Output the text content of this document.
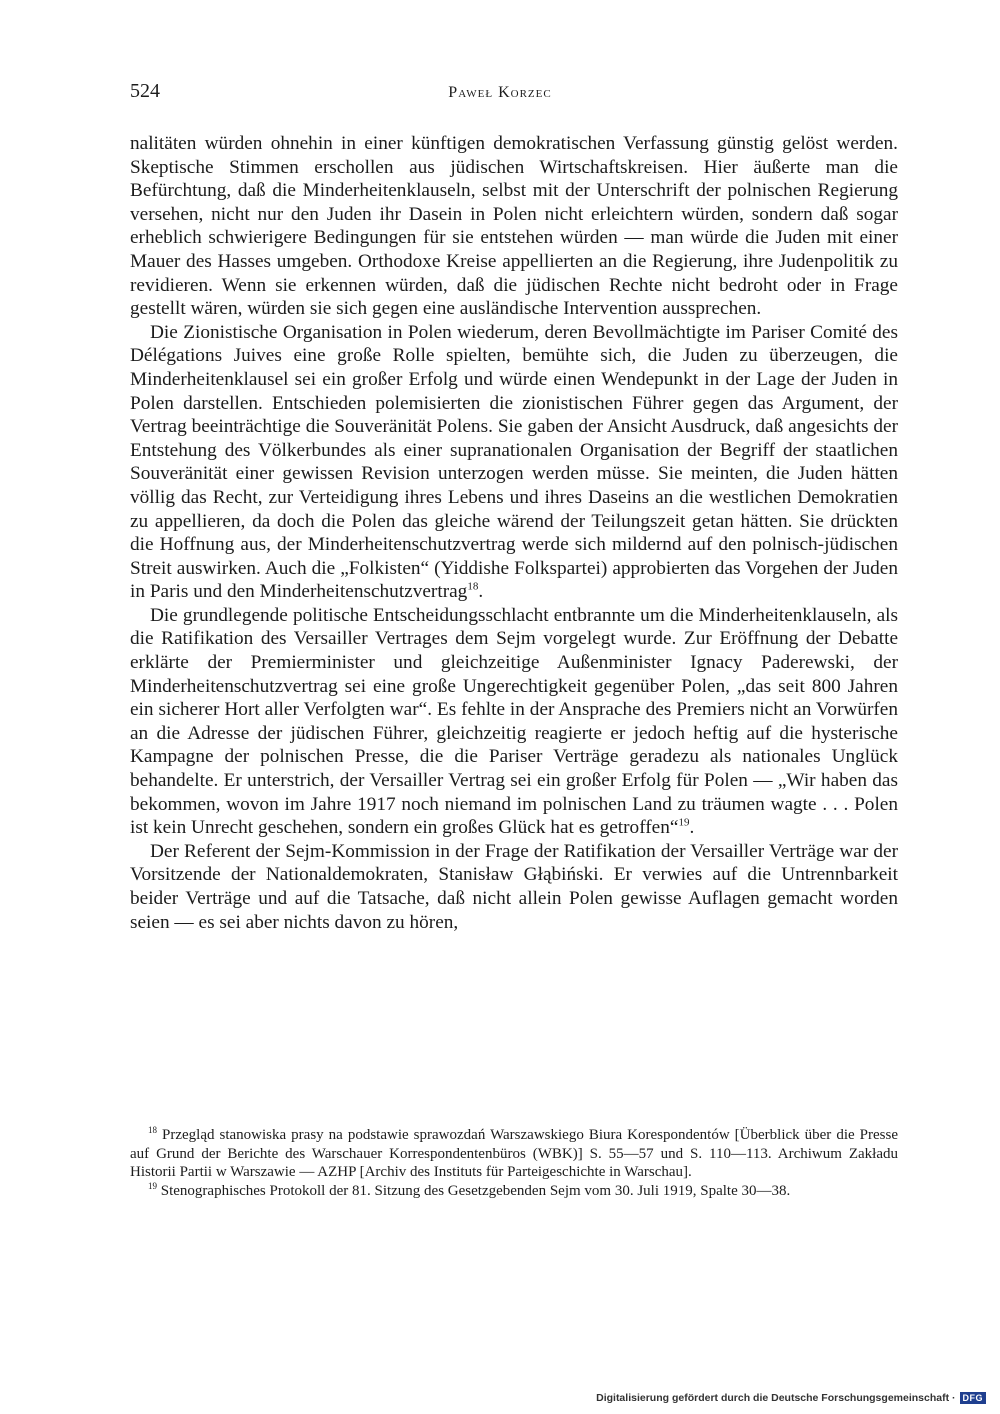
524	Paweł Korzec

nalitäten würden ohnehin in einer künftigen demokratischen Verfassung günstig gelöst werden. Skeptische Stimmen erschollen aus jüdischen Wirtschaftskreisen. Hier äußerte man die Befürchtung, daß die Minderheitenklauseln, selbst mit der Unterschrift der polnischen Regierung versehen, nicht nur den Juden ihr Dasein in Polen nicht erleichtern würden, sondern daß sogar erheblich schwierigere Bedingungen für sie entstehen würden — man würde die Juden mit einer Mauer des Hasses umgeben. Orthodoxe Kreise appellierten an die Regierung, ihre Judenpolitik zu revidieren. Wenn sie erkennen würden, daß die jüdischen Rechte nicht bedroht oder in Frage gestellt wären, würden sie sich gegen eine ausländische Intervention aussprechen.

Die Zionistische Organisation in Polen wiederum, deren Bevollmächtigte im Pariser Comité des Délégations Juives eine große Rolle spielten, bemühte sich, die Juden zu überzeugen, die Minderheitenklausel sei ein großer Erfolg und würde einen Wendepunkt in der Lage der Juden in Polen darstellen. Entschieden polemisierten die zionistischen Führer gegen das Argument, der Vertrag beeinträchtige die Souveränität Polens. Sie gaben der Ansicht Ausdruck, daß angesichts der Entstehung des Völkerbundes als einer supranationalen Organisation der Begriff der staatlichen Souveränität einer gewissen Revision unterzogen werden müsse. Sie meinten, die Juden hätten völlig das Recht, zur Verteidigung ihres Lebens und ihres Daseins an die westlichen Demokratien zu appellieren, da doch die Polen das gleiche wärend der Teilungszeit getan hätten. Sie drückten die Hoffnung aus, der Minderheitenschutzvertrag werde sich mildernd auf den polnisch-jüdischen Streit auswirken. Auch die „Folkisten“ (Yiddishe Folkspartei) approbierten das Vorgehen der Juden in Paris und den Minderheitenschutzvertrag$^{18}$.

Die grundlegende politische Entscheidungsschlacht entbrannte um die Minderheitenklauseln, als die Ratifikation des Versailler Vertrages dem Sejm vorgelegt wurde. Zur Eröffnung der Debatte erklärte der Premierminister und gleichzeitige Außenminister Ignacy Paderewski, der Minderheitenschutzvertrag sei eine große Ungerechtigkeit gegenüber Polen, „das seit 800 Jahren ein sicherer Hort aller Verfolgten war“. Es fehlte in der Ansprache des Premiers nicht an Vorwürfen an die Adresse der jüdischen Führer, gleichzeitig reagierte er jedoch heftig auf die hysterische Kampagne der polnischen Presse, die die Pariser Verträge geradezu als nationales Unglück behandelte. Er unterstrich, der Versailler Vertrag sei ein großer Erfolg für Polen — „Wir haben das bekommen, wovon im Jahre 1917 noch niemand im polnischen Land zu träumen wagte . . . Polen ist kein Unrecht geschehen, sondern ein großes Glück hat es getroffen“$^{19}$.

Der Referent der Sejm-Kommission in der Frage der Ratifikation der Versailler Verträge war der Vorsitzende der Nationaldemokraten, Stanisław Głąbiński. Er verwies auf die Untrennbarkeit beider Verträge und auf die Tatsache, daß nicht allein Polen gewisse Auflagen gemacht worden seien — es sei aber nichts davon zu hören,

$^{18}$ Przegląd stanowiska prasy na podstawie sprawozdań Warszawskiego Biura Korespondentów [Überblick über die Presse auf Grund der Berichte des Warschauer Korrespondentenbüros (WBK)] S. 55—57 und S. 110—113. Archiwum Zakładu Historii Partii w Warszawie — AZHP [Archiv des Instituts für Parteigeschichte in Warschau].

$^{19}$ Stenographisches Protokoll der 81. Sitzung des Gesetzgebenden Sejm vom 30. Juli 1919, Spalte 30—38.

Digitalisierung gefördert durch die Deutsche Forschungsgemeinschaft · DFG
